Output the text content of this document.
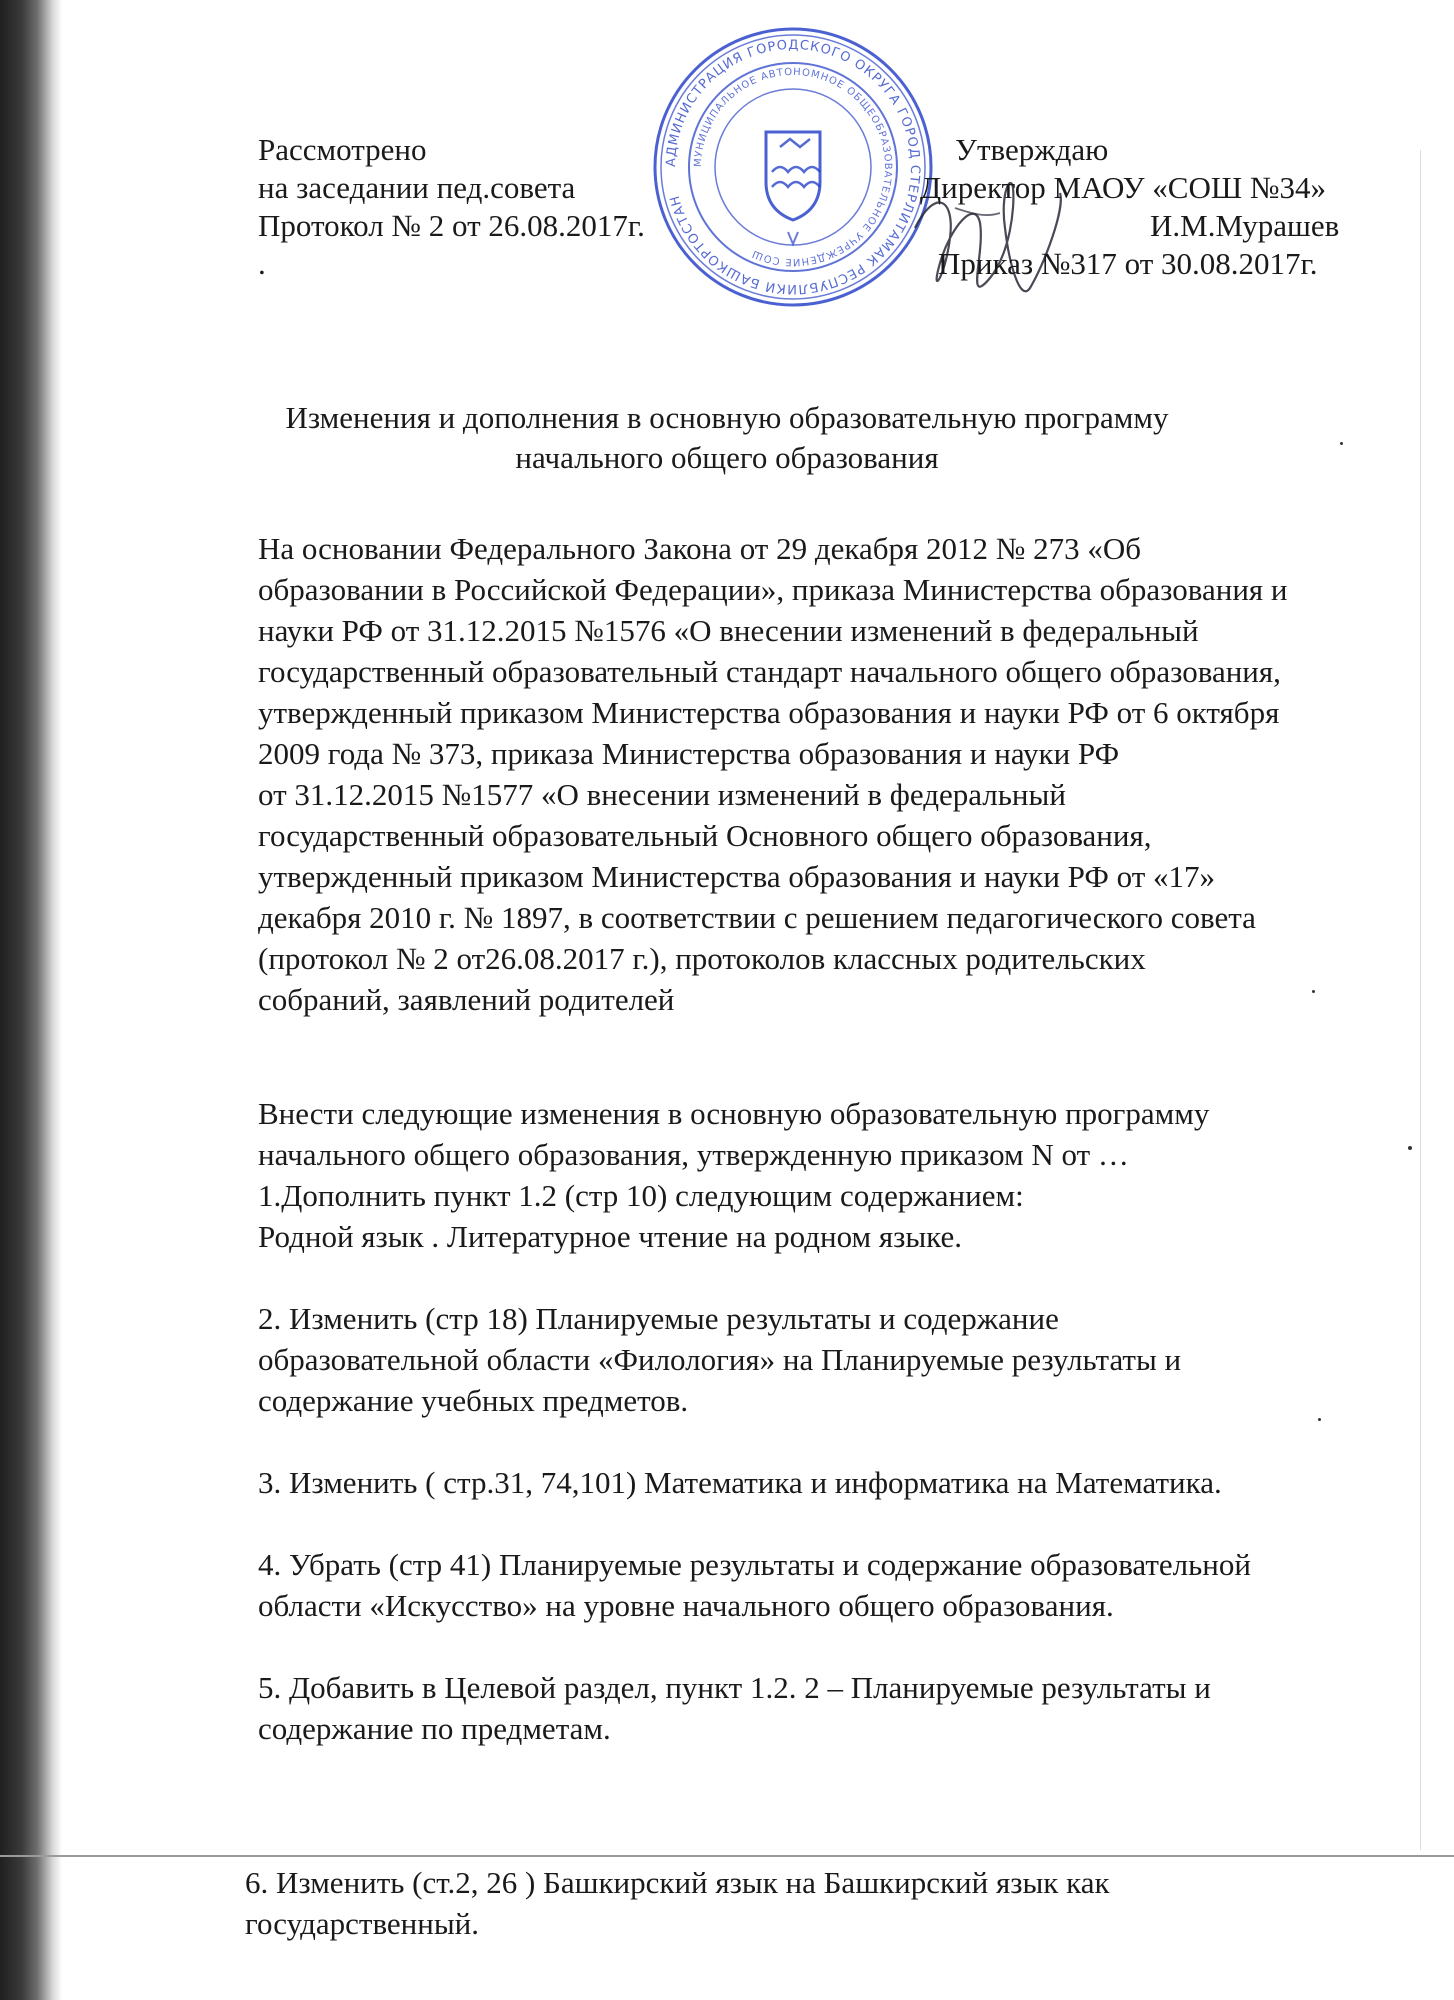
АДМИНИСТРАЦИЯ ГОРОДСКОГО ОКРУГА ГОРОД СТЕРЛИТАМАК РЕСПУБЛИКИ БАШКОРТОСТАН
МУНИЦИПАЛЬНОЕ АВТОНОМНОЕ ОБЩЕОБРАЗОВАТЕЛЬНОЕ УЧРЕЖДЕНИЕ СОШ
Рассмотрено
на заседании пед.совета
Протокол № 2 от 26.08.2017г.
.
Утверждаю
Директор МАОУ «СОШ №34»
И.М.Мурашев
Приказ №317 от 30.08.2017г.
Изменения и дополнения в основную образовательную программу
начального общего образования
На основании Федерального Закона от 29 декабря 2012 № 273 «Об
образовании в Российской Федерации», приказа Министерства образования и
науки РФ от 31.12.2015 №1576 «О внесении изменений в федеральный
государственный образовательный стандарт начального общего образования,
утвержденный приказом Министерства образования и науки РФ от 6 октября
2009 года № 373, приказа Министерства образования и науки РФ
от 31.12.2015 №1577 «О внесении изменений в федеральный
государственный образовательный Основного общего образования,
утвержденный приказом Министерства образования и науки РФ от «17»
декабря 2010 г. № 1897, в соответствии с решением педагогического совета
(протокол № 2 от26.08.2017 г.), протоколов классных родительских
собраний, заявлений родителей
Внести следующие изменения в основную образовательную программу
начального общего образования, утвержденную приказом N от …
1.Дополнить пункт 1.2 (стр 10) следующим содержанием:
Родной язык . Литературное чтение на родном языке.
2. Изменить (стр 18) Планируемые результаты и содержание
образовательной области «Филология» на Планируемые результаты и
содержание учебных предметов.
3. Изменить ( стр.31, 74,101) Математика и информатика на Математика.
4. Убрать (стр 41) Планируемые результаты и содержание образовательной
области «Искусство» на уровне начального общего образования.
5. Добавить в Целевой раздел, пункт 1.2. 2 – Планируемые результаты и
содержание по предметам.
6. Изменить (ст.2, 26 ) Башкирский язык на Башкирский язык как
государственный.
